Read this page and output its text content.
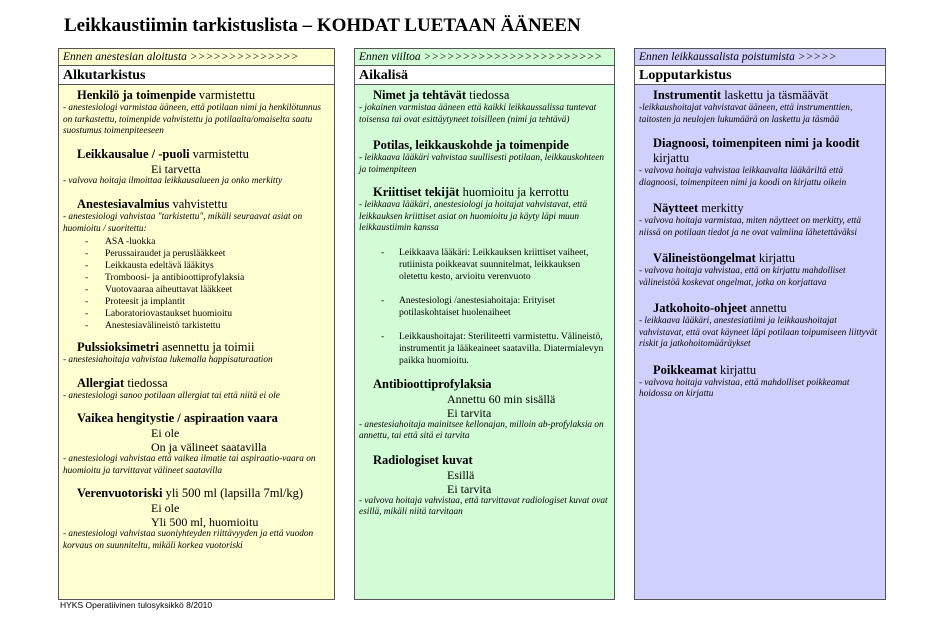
Leikkaustiimin tarkistuslista – KOHDAT LUETAAN ÄÄNEEN
Ennen anestesian aloitusta >>>>>>>>>>>>>>
Alkutarkistus
Henkilö ja toimenpide varmistettu
- anestesiologi varmistaa ääneen, että potilaan nimi ja henkilötunnus on tarkastettu, toimenpide vahvistettu ja potilaalta/omaiselta saatu suostumus toimenpiteeseen
Leikkausalue / -puoli varmistettu
Ei tarvetta
- valvova hoitaja ilmoittaa leikkausalueen ja onko merkitty
Anestesiavalmius vahvistettu
- anestesiologi vahvistaa "tarkistettu", mikäli seuraavat asiat on huomioitu / suoritettu:
- ASA -luokka
- Perussairaudet ja peruslääkkeet
- Leikkausta edeltävä lääkitys
- Tromboosi- ja antibioottiprofylaksia
- Vuotovaaraa aiheuttavat lääkkeet
- Proteesit ja implantit
- Laboratoriovastaukset huomioitu
- Anestesiavälineistö tarkistettu
Pulssioksimetri asennettu ja toimii
- anestesiahoitaja vahvistaa lukemalla happisaturaation
Allergiat tiedossa
- anestesiologi sanoo potilaan allergiat tai että niitä ei ole
Vaikea hengitystie / aspiraation vaara
Ei ole
On ja välineet saatavilla
- anestesiologi vahvistaa että vaikea ilmatie tai aspiraatio-vaara on huomioitu ja tarvittavat välineet saatavilla
Verenvuotoriski yli 500 ml (lapsilla 7ml/kg)
Ei ole
Yli 500 ml, huomioitu
- anestesiologi vahvistaa suoniyhteyden riittävyyden ja että vuodon korvaus on suunniteltu, mikäli korkea vuotoriski
Ennen viiltoa >>>>>>>>>>>>>>>>>>>>>>>
Aikalisä
Nimet ja tehtävät tiedossa
- jokainen varmistaa ääneen että kaikki leikkaussalissa tuntevat toisensa tai ovat esittäytyneet toisilleen (nimi ja tehtävä)
Potilas, leikkauskohde ja toimenpide
- leikkaava lääkäri vahvistaa suullisesti potilaan, leikkauskohteen ja toimenpiteen
Kriittiset tekijät huomioitu ja kerrottu
- leikkaava lääkäri, anestesiologi ja hoitajat vahvistavat, että leikkauksen kriittiset asiat on huomioitu ja käyty läpi muun leikkaustiimin kanssa
- Leikkaava lääkäri: Leikkauksen kriittiset vaiheet, rutiinista poikkeavat suunnitelmat, leikkauksen oletettu kesto, arvioitu verenvuoto
- Anestesiologi /anestesiahoitaja: Erityiset potilaskohtaiset huolenaiheet
- Leikkaushoitajat: Steriliteetti varmistettu. Välineistö, instrumentit ja lääkeaineet saatavilla. Diatermialevyn paikka huomioitu.
Antibioottiprofylaksia
Annettu 60 min sisällä
Ei tarvita
- anestesiahoitaja mainitsee kellonajan, milloin ab-profylaksia on annettu, tai että sitä ei tarvita
Radiologiset kuvat
Esillä
Ei tarvita
- valvova hoitaja vahvistaa, että tarvittavat radiologiset kuvat ovat esillä, mikäli niitä tarvitaan
Ennen leikkaussalista poistumista >>>>>
Lopputarkistus
Instrumentit laskettu ja täsmäävät
-leikkaushoitajat vahvistavat ääneen, että instrumenttien, taitosten ja neulojen lukumäärä on laskettu ja täsmää
Diagnoosi, toimenpiteen nimi ja koodit kirjattu
- valvova hoitaja vahvistaa leikkaavalta lääkäriltä että diagnoosi, toimenpiteen nimi ja koodi on kirjattu oikein
Näytteet merkitty
- valvova hoitaja varmistaa, miten näytteet on merkitty, että niissä on potilaan tiedot ja ne ovat valmiina lähetettäväksi
Välineistöongelmat kirjattu
- valvova hoitaja vahvistaa, että on kirjattu mahdolliset välineistöä koskevat ongelmat, jotka on korjattava
Jatkohoito-ohjeet annettu
- leikkaava lääkäri, anestesiatiimi ja leikkaushoitajat vahvistavat, että ovat käyneet läpi potilaan toipumiseen liittyvät riskit ja jatkohoitomääräykset
Poikkeamat kirjattu
- valvova hoitaja vahvistaa, että mahdolliset poikkeamat hoidossa on kirjattu
HYKS Operatiivinen tulosyksikkö 8/2010
